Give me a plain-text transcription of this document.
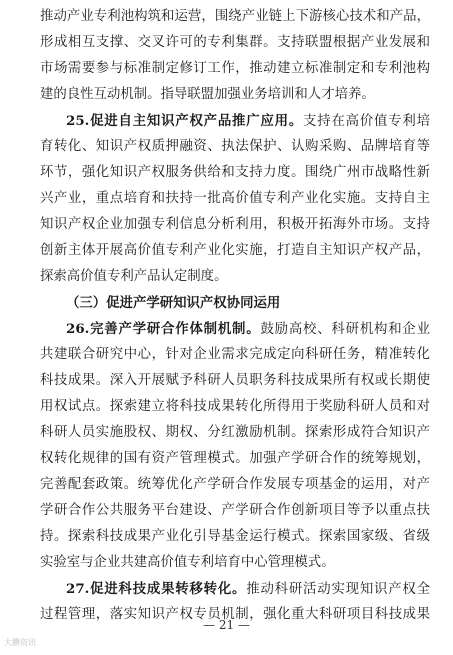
推动产业专利池构筑和运营，围绕产业链上下游核心技术和产品，
形成相互支撑、交叉许可的专利集群。支持联盟根据产业发展和
市场需要参与标准制定修订工作，推动建立标准制定和专利池构
建的良性互动机制。指导联盟加强业务培训和人才培养。
25.促进自主知识产权产品推广应用。支持在高价值专利培
育转化、知识产权质押融资、执法保护、认购采购、品牌培育等
环节，强化知识产权服务供给和支持力度。围绕广州市战略性新
兴产业，重点培育和扶持一批高价值专利产业化实施。支持自主
知识产权企业加强专利信息分析利用，积极开拓海外市场。支持
创新主体开展高价值专利产业化实施，打造自主知识产权产品，
探索高价值专利产品认定制度。
（三）促进产学研知识产权协同运用
26.完善产学研合作体制机制。鼓励高校、科研机构和企业
共建联合研究中心，针对企业需求完成定向科研任务，精准转化
科技成果。深入开展赋予科研人员职务科技成果所有权或长期使
用权试点。探索建立将科技成果转化所得用于奖励科研人员和对
科研人员实施股权、期权、分红激励机制。探索形成符合知识产
权转化规律的国有资产管理模式。加强产学研合作的统筹规划，
完善配套政策。统筹优化产学研合作发展专项基金的运用，对产
学研合作公共服务平台建设、产学研合作创新项目等予以重点扶
持。探索科技成果产业化引导基金运行模式。探索国家级、省级
实验室与企业共建高价值专利培育中心管理模式。
27.促进科技成果转移转化。推动科研活动实现知识产权全
过程管理，落实知识产权专员机制，强化重大科研项目科技成果
— 21 —
大鹏资讯
